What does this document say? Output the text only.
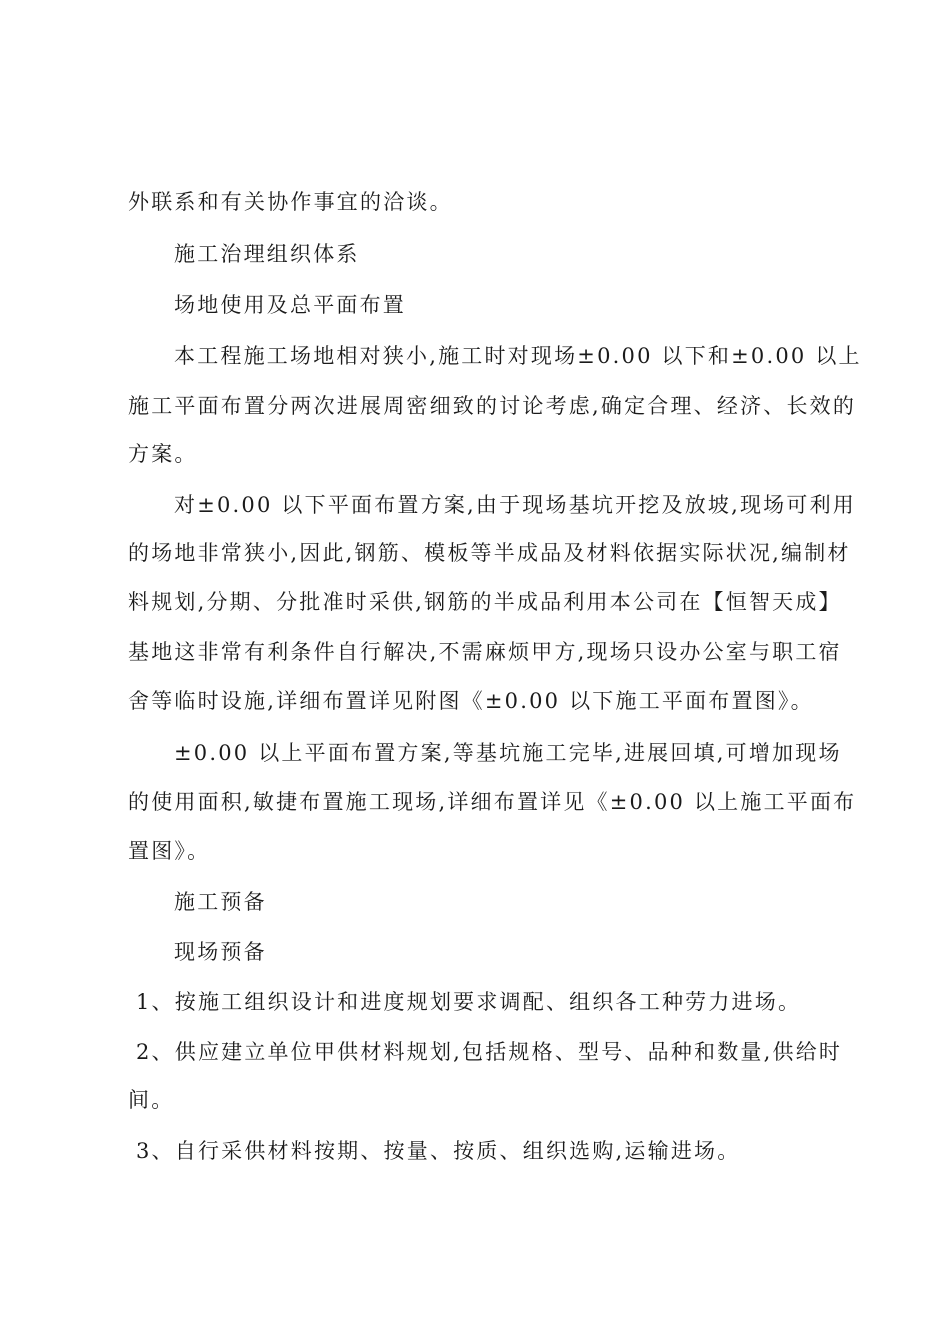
外联系和有关协作事宜的洽谈。
施工治理组织体系
场地使用及总平面布置
本工程施工场地相对狭小,施工时对现场±0.00 以下和±0.00 以上
施工平面布置分两次进展周密细致的讨论考虑,确定合理、经济、长效的
方案。
对±0.00 以下平面布置方案,由于现场基坑开挖及放坡,现场可利用
的场地非常狭小,因此,钢筋、模板等半成品及材料依据实际状况,编制材
料规划,分期、分批准时采供,钢筋的半成品利用本公司在【恒智天成】
基地这非常有利条件自行解决,不需麻烦甲方,现场只设办公室与职工宿
舍等临时设施,详细布置详见附图《±0.00 以下施工平面布置图》。
±0.00 以上平面布置方案,等基坑施工完毕,进展回填,可增加现场
的使用面积,敏捷布置施工现场,详细布置详见《±0.00 以上施工平面布
置图》。
施工预备
现场预备
1、按施工组织设计和进度规划要求调配、组织各工种劳力进场。
2、供应建立单位甲供材料规划,包括规格、型号、品种和数量,供给时
间。
3、自行采供材料按期、按量、按质、组织选购,运输进场。
